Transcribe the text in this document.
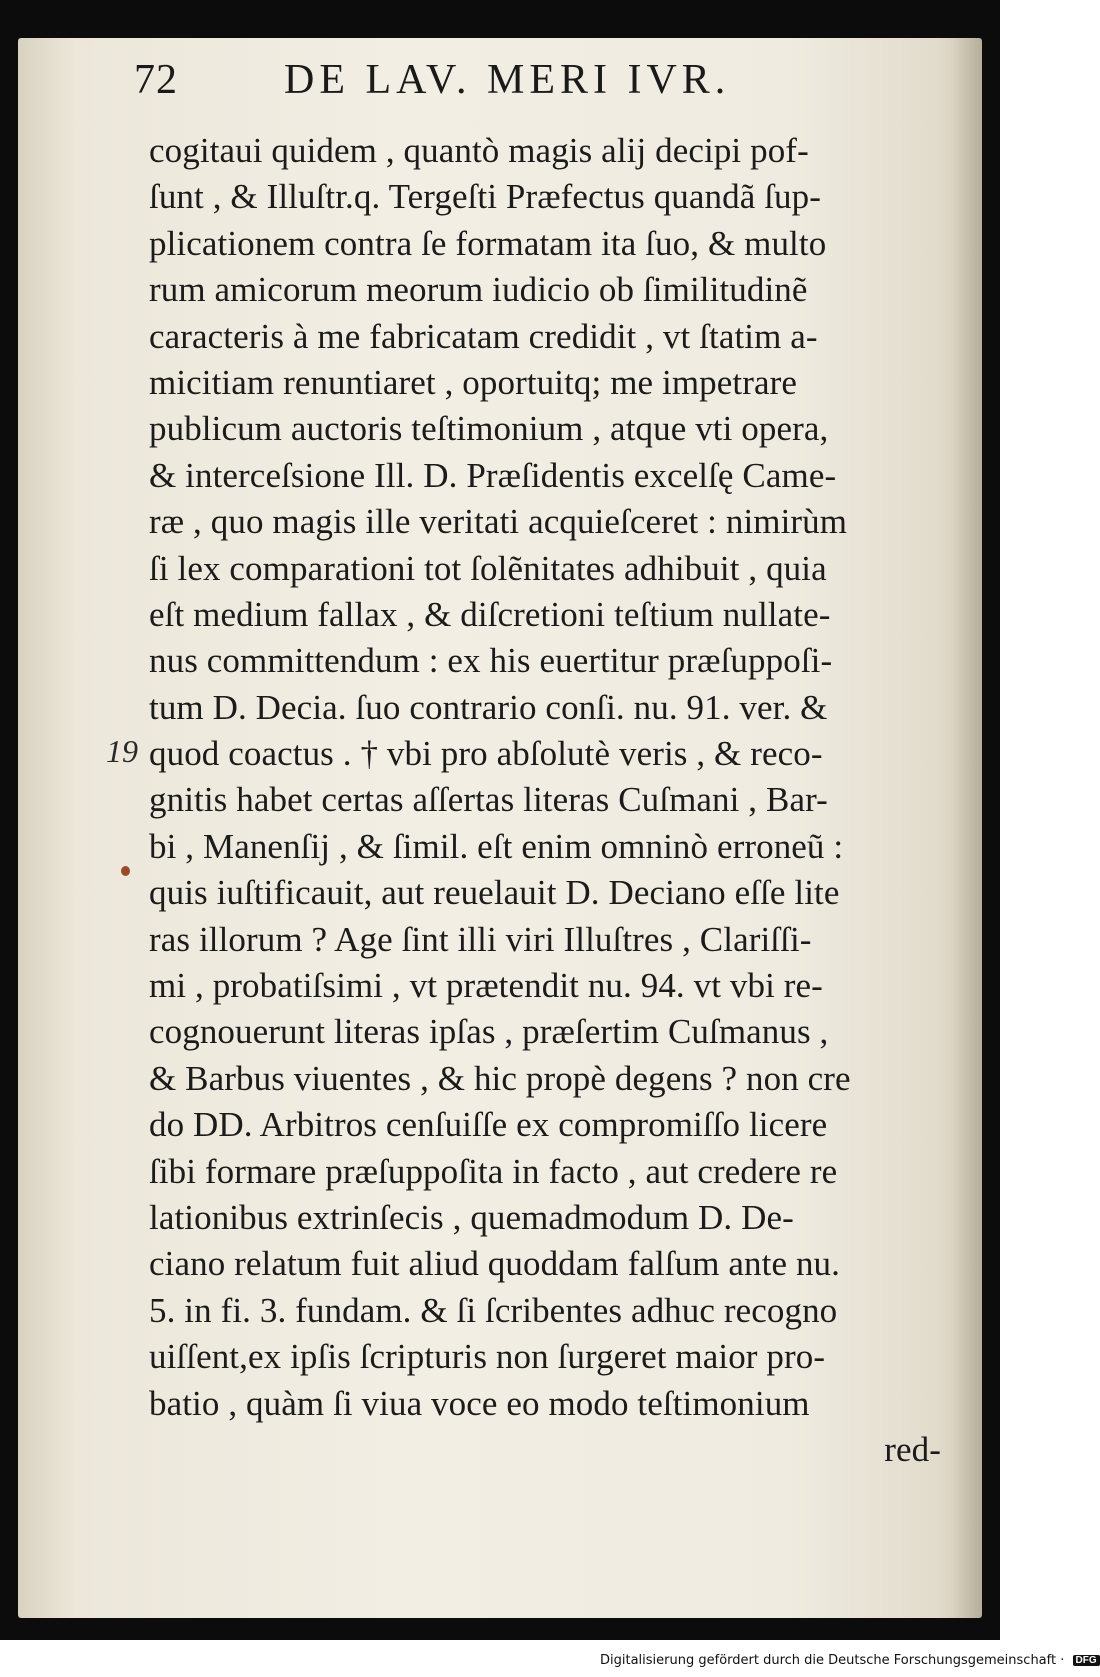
72	DE LAV. MERI IVR.
cogitaui quidem , quantò magis alij decipi pof-
ſunt , & Illuſtr.q. Tergeſti Præfectus quandã ſup-
plicationem contra ſe formatam ita ſuo, & multo
rum amicorum meorum iudicio ob ſimilitudinẽ
caracteris à me fabricatam credidit , vt ſtatim a-
micitiam renuntiaret , oportuitq; me impetrare
publicum auctoris teſtimonium , atque vti opera,
& interceſsione Ill. D. Præſidentis excelſę Came-
ræ , quo magis ille veritati acquieſceret : nimirùm
ſi lex comparationi tot ſolẽnitates adhibuit , quia
eſt medium fallax , & diſcretioni teſtium nullate-
nus committendum : ex his euertitur præſuppoſi-
tum D. Decia. ſuo contrario conſi. nu. 91. ver. &
quod coactus . † vbi pro abſolutè veris , & reco-
gnitis habet certas aſſertas literas Cuſmani , Bar-
bi , Manenſij , & ſimil. eſt enim omninò erroneũ :
quis iuſtificauit, aut reuelauit D. Deciano eſſe lite
ras illorum ? Age ſint illi viri Illuſtres , Clariſſi-
mi , probatiſsimi , vt prætendit nu. 94. vt vbi re-
cognouerunt literas ipſas , præſertim Cuſmanus ,
& Barbus viuentes , & hic propè degens ? non cre
do DD. Arbitros cenſuiſſe ex compromiſſo licere
ſibi formare præſuppoſita in facto , aut credere re
lationibus extrinſecis , quemadmodum D. De-
ciano relatum fuit aliud quoddam falſum ante nu.
5. in fi. 3. fundam. & ſi ſcribentes adhuc recogno
uiſſent,ex ipſis ſcripturis non ſurgeret maior pro-
batio , quàm ſi viua voce eo modo teſtimonium
red-
19
Digitalisierung gefördert durch die Deutsche Forschungsgemeinschaft · DFG
